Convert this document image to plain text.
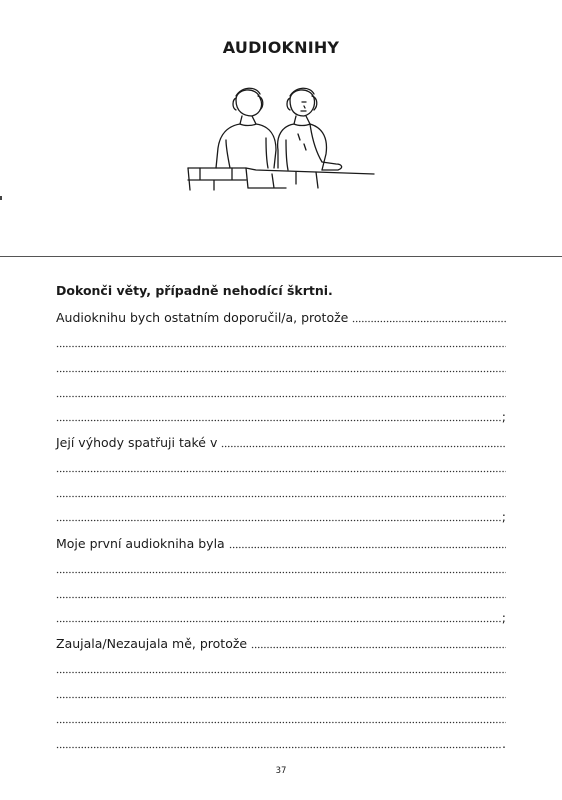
AUDIOKNIHY
Dokonči věty, případně nehodící škrtni.
Audioknihu bych ostatním doporučil/a, protože
;
Její výhody spatřuji také v
;
Moje první audiokniha byla
;
Zaujala/Nezaujala mě, protože
.
37
